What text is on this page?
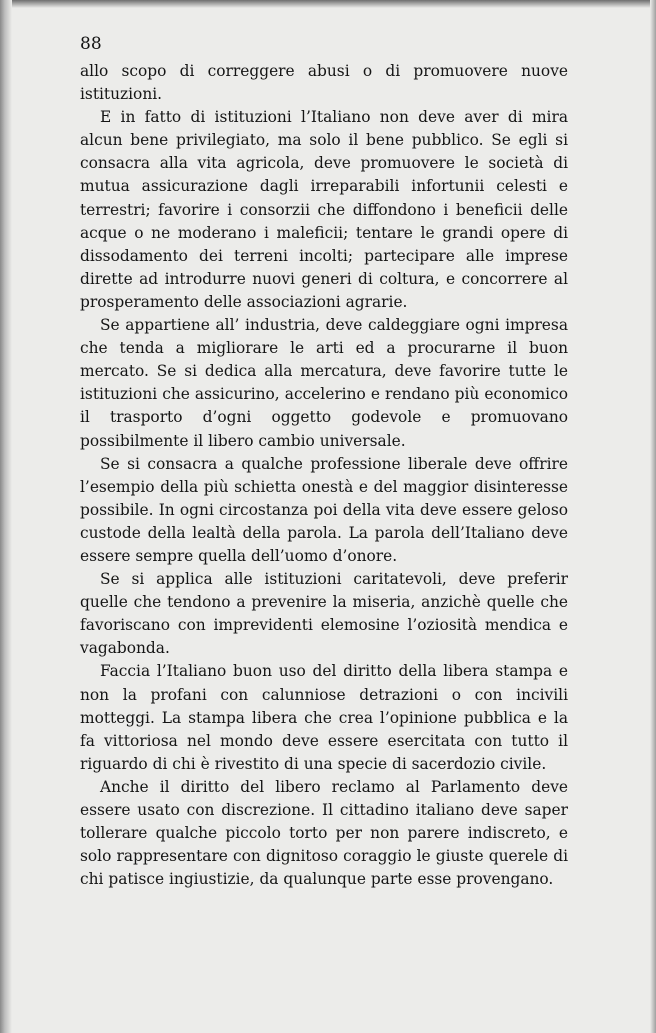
88

allo scopo di correggere abusi o di promuovere nuove istituzioni.

E in fatto di istituzioni l’Italiano non deve aver di mira alcun bene privilegiato, ma solo il bene pubblico. Se egli si consacra alla vita agricola, deve promuovere le società di mutua assicurazione dagli irreparabili infortunii celesti e terrestri; favorire i consorzii che diffondono i beneficii delle acque o ne moderano i maleficii; tentare le grandi opere di dissodamento dei terreni incolti; partecipare alle imprese dirette ad introdurre nuovi generi di coltura, e concorrere al prosperamento delle associazioni agrarie.

Se appartiene all’ industria, deve caldeggiare ogni impresa che tenda a migliorare le arti ed a procurarne il buon mercato. Se si dedica alla mercatura, deve favorire tutte le istituzioni che assicurino, accelerino e rendano più economico il trasporto d’ogni oggetto godevole e promuovano possibilmente il libero cambio universale.

Se si consacra a qualche professione liberale deve offrire l’esempio della più schietta onestà e del maggior disinteresse possibile. In ogni circostanza poi della vita deve essere geloso custode della lealtà della parola. La parola dell’Italiano deve essere sempre quella dell’uomo d’onore.

Se si applica alle istituzioni caritatevoli, deve preferir quelle che tendono a prevenire la miseria, anzichè quelle che favoriscano con imprevidenti elemosine l’oziosità mendica e vagabonda.

Faccia l’Italiano buon uso del diritto della libera stampa e non la profani con calunniose detrazioni o con incivili motteggi. La stampa libera che crea l’opinione pubblica e la fa vittoriosa nel mondo deve essere esercitata con tutto il riguardo di chi è rivestito di una specie di sacerdozio civile.

Anche il diritto del libero reclamo al Parlamento deve essere usato con discrezione. Il cittadino italiano deve saper tollerare qualche piccolo torto per non parere indiscreto, e solo rappresentare con dignitoso coraggio le giuste querele di chi patisce ingiustizie, da qualunque parte esse provengano.
